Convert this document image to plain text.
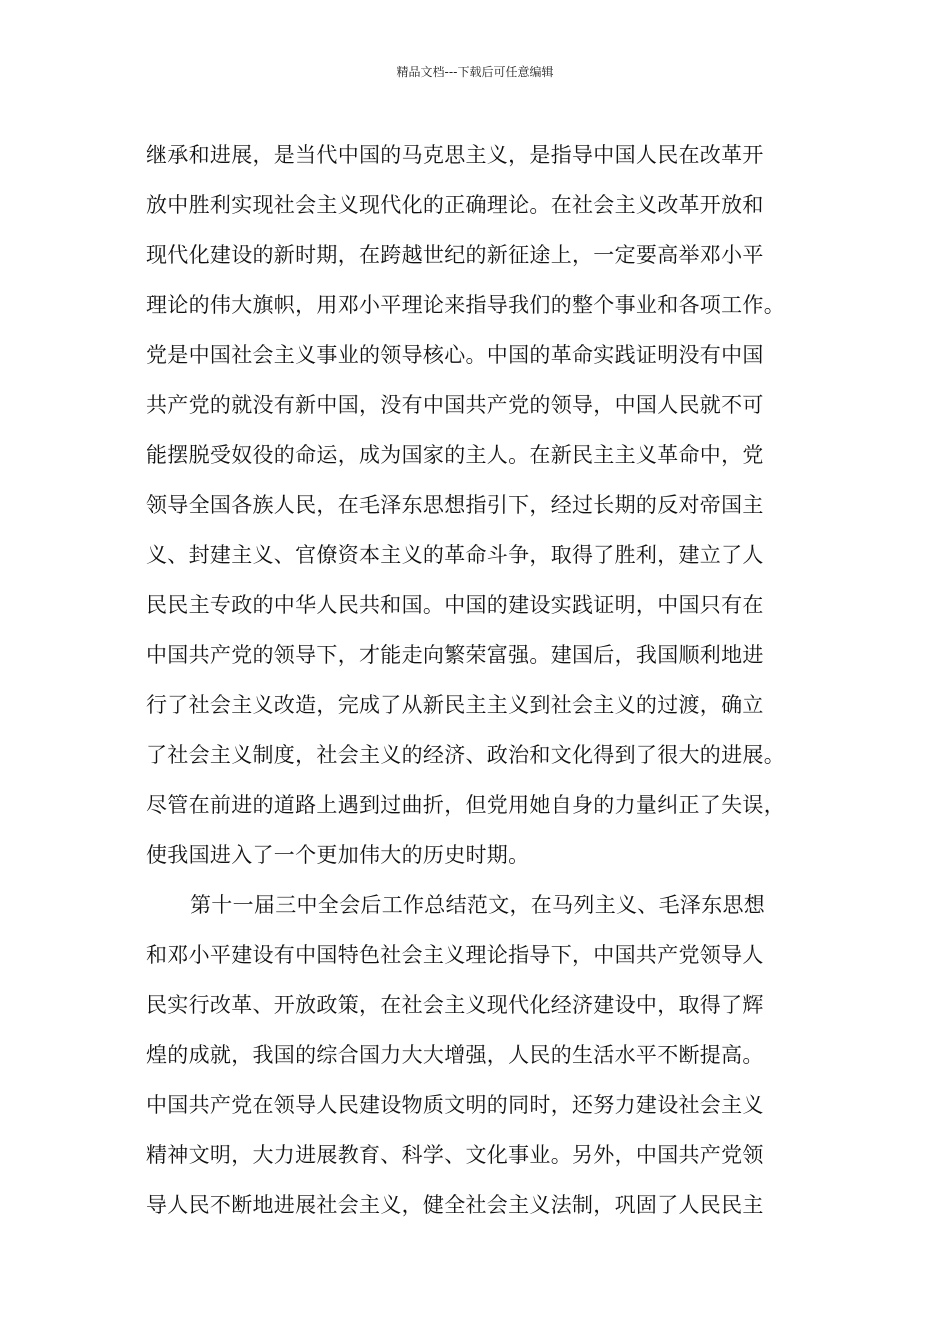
精品文档---下载后可任意编辑
继承和进展，是当代中国的马克思主义，是指导中国人民在改革开
放中胜利实现社会主义现代化的正确理论。在社会主义改革开放和
现代化建设的新时期，在跨越世纪的新征途上，一定要高举邓小平
理论的伟大旗帜，用邓小平理论来指导我们的整个事业和各项工作。
党是中国社会主义事业的领导核心。中国的革命实践证明没有中国
共产党的就没有新中国，没有中国共产党的领导，中国人民就不可
能摆脱受奴役的命运，成为国家的主人。在新民主主义革命中，党
领导全国各族人民，在毛泽东思想指引下，经过长期的反对帝国主
义、封建主义、官僚资本主义的革命斗争，取得了胜利，建立了人
民民主专政的中华人民共和国。中国的建设实践证明，中国只有在
中国共产党的领导下，才能走向繁荣富强。建国后，我国顺利地进
行了社会主义改造，完成了从新民主主义到社会主义的过渡，确立
了社会主义制度，社会主义的经济、政治和文化得到了很大的进展。
尽管在前进的道路上遇到过曲折，但党用她自身的力量纠正了失误，
使我国进入了一个更加伟大的历史时期。
第十一届三中全会后工作总结范文，在马列主义、毛泽东思想
和邓小平建设有中国特色社会主义理论指导下，中国共产党领导人
民实行改革、开放政策，在社会主义现代化经济建设中，取得了辉
煌的成就，我国的综合国力大大增强，人民的生活水平不断提高。
中国共产党在领导人民建设物质文明的同时，还努力建设社会主义
精神文明，大力进展教育、科学、文化事业。另外，中国共产党领
导人民不断地进展社会主义，健全社会主义法制，巩固了人民民主
